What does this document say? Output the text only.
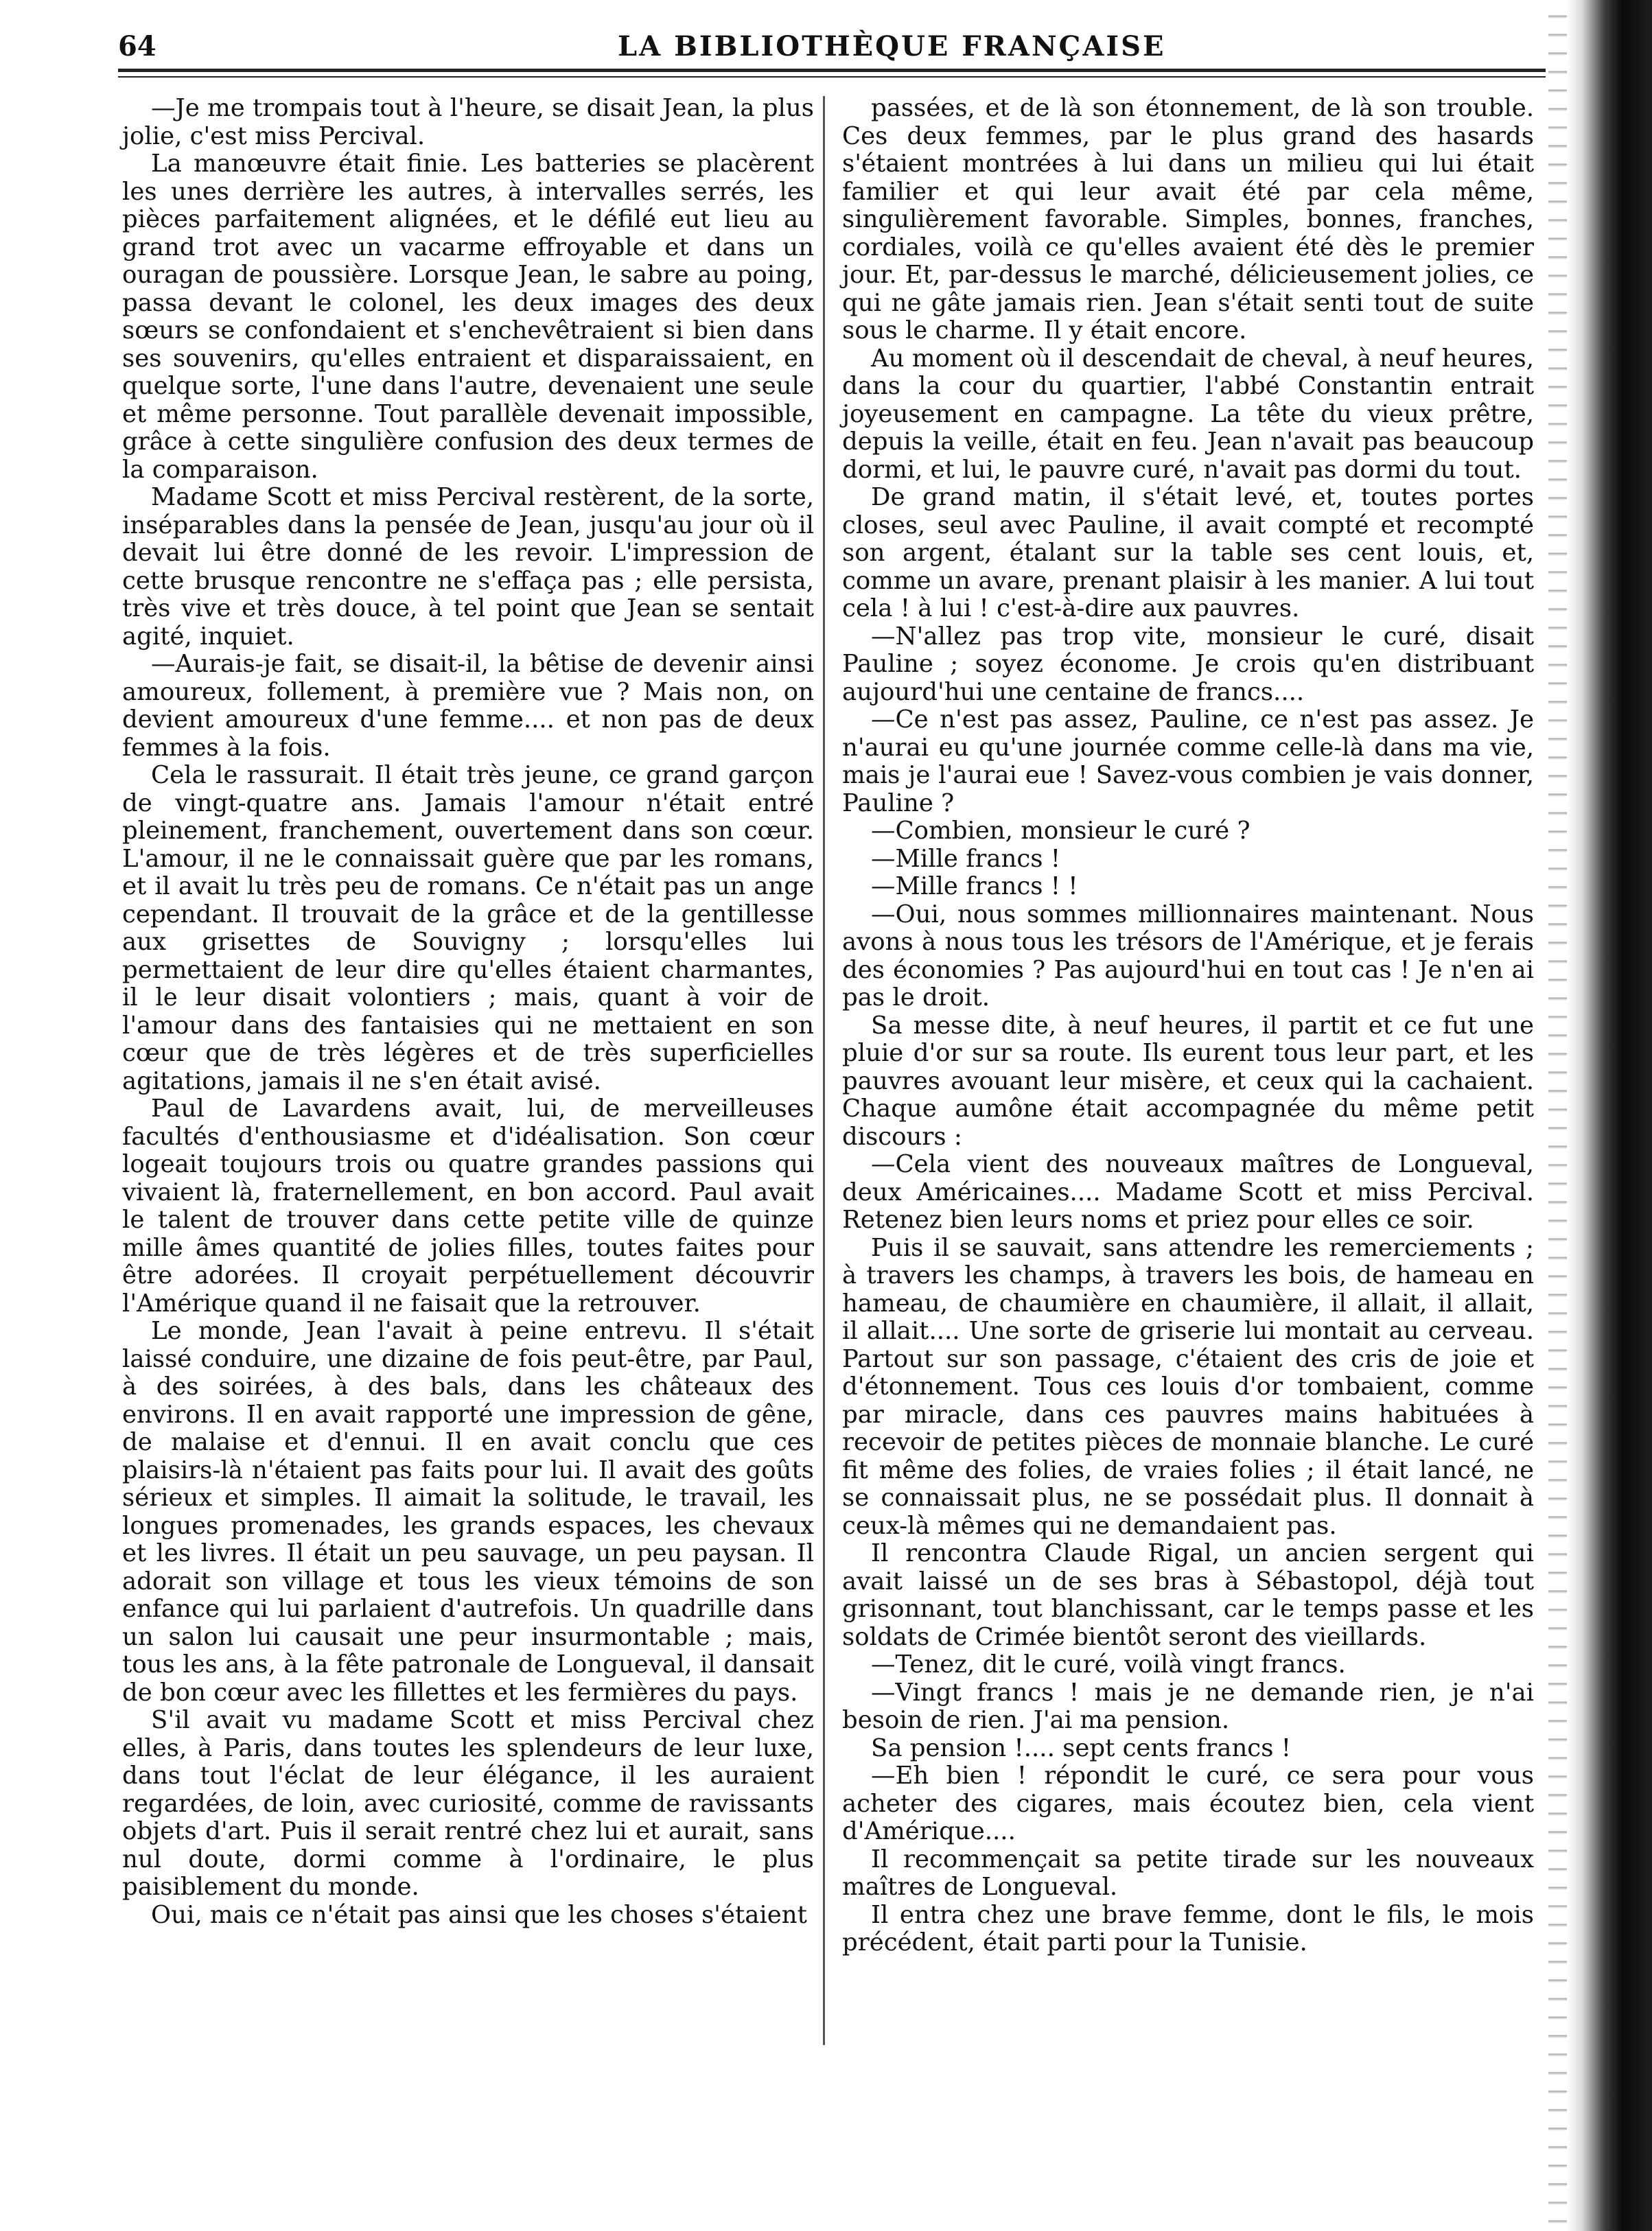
64	LA BIBLIOTHÈQUE FRANÇAISE

—Je me trompais tout à l'heure, se disait Jean, la plus jolie, c'est miss Percival.

La manœuvre était finie. Les batteries se placèrent les unes derrière les autres, à intervalles serrés, les pièces parfaitement alignées, et le défilé eut lieu au grand trot avec un vacarme effroyable et dans un ouragan de poussière. Lorsque Jean, le sabre au poing, passa devant le colonel, les deux images des deux sœurs se confondaient et s'enchevêtraient si bien dans ses souvenirs, qu'elles entraient et disparaissaient, en quelque sorte, l'une dans l'autre, devenaient une seule et même personne. Tout parallèle devenait impossible, grâce à cette singulière confusion des deux termes de la comparaison.

Madame Scott et miss Percival restèrent, de la sorte, inséparables dans la pensée de Jean, jusqu'au jour où il devait lui être donné de les revoir. L'impression de cette brusque rencontre ne s'effaça pas ; elle persista, très vive et très douce, à tel point que Jean se sentait agité, inquiet.

—Aurais-je fait, se disait-il, la bêtise de devenir ainsi amoureux, follement, à première vue ? Mais non, on devient amoureux d'une femme.... et non pas de deux femmes à la fois.

Cela le rassurait. Il était très jeune, ce grand garçon de vingt-quatre ans. Jamais l'amour n'était entré pleinement, franchement, ouvertement dans son cœur. L'amour, il ne le connaissait guère que par les romans, et il avait lu très peu de romans. Ce n'était pas un ange cependant. Il trouvait de la grâce et de la gentillesse aux grisettes de Souvigny ; lorsqu'elles lui permettaient de leur dire qu'elles étaient charmantes, il le leur disait volontiers ; mais, quant à voir de l'amour dans des fantaisies qui ne mettaient en son cœur que de très légères et de très superficielles agitations, jamais il ne s'en était avisé.

Paul de Lavardens avait, lui, de merveilleuses facultés d'enthousiasme et d'idéalisation. Son cœur logeait toujours trois ou quatre grandes passions qui vivaient là, fraternellement, en bon accord. Paul avait le talent de trouver dans cette petite ville de quinze mille âmes quantité de jolies filles, toutes faites pour être adorées. Il croyait perpétuellement découvrir l'Amérique quand il ne faisait que la retrouver.

Le monde, Jean l'avait à peine entrevu. Il s'était laissé conduire, une dizaine de fois peut-être, par Paul, à des soirées, à des bals, dans les châteaux des environs. Il en avait rapporté une impression de gêne, de malaise et d'ennui. Il en avait conclu que ces plaisirs-là n'étaient pas faits pour lui. Il avait des goûts sérieux et simples. Il aimait la solitude, le travail, les longues promenades, les grands espaces, les chevaux et les livres. Il était un peu sauvage, un peu paysan. Il adorait son village et tous les vieux témoins de son enfance qui lui parlaient d'autrefois. Un quadrille dans un salon lui causait une peur insurmontable ; mais, tous les ans, à la fête patronale de Longueval, il dansait de bon cœur avec les fillettes et les fermières du pays.

S'il avait vu madame Scott et miss Percival chez elles, à Paris, dans toutes les splendeurs de leur luxe, dans tout l'éclat de leur élégance, il les auraient regardées, de loin, avec curiosité, comme de ravissants objets d'art. Puis il serait rentré chez lui et aurait, sans nul doute, dormi comme à l'ordinaire, le plus paisiblement du monde.

Oui, mais ce n'était pas ainsi que les choses s'étaient

passées, et de là son étonnement, de là son trouble. Ces deux femmes, par le plus grand des hasards s'étaient montrées à lui dans un milieu qui lui était familier et qui leur avait été par cela même, singulièrement favorable. Simples, bonnes, franches, cordiales, voilà ce qu'elles avaient été dès le premier jour. Et, par-dessus le marché, délicieusement jolies, ce qui ne gâte jamais rien. Jean s'était senti tout de suite sous le charme. Il y était encore.

Au moment où il descendait de cheval, à neuf heures, dans la cour du quartier, l'abbé Constantin entrait joyeusement en campagne. La tête du vieux prêtre, depuis la veille, était en feu. Jean n'avait pas beaucoup dormi, et lui, le pauvre curé, n'avait pas dormi du tout.

De grand matin, il s'était levé, et, toutes portes closes, seul avec Pauline, il avait compté et recompté son argent, étalant sur la table ses cent louis, et, comme un avare, prenant plaisir à les manier. A lui tout cela ! à lui ! c'est-à-dire aux pauvres.

—N'allez pas trop vite, monsieur le curé, disait Pauline ; soyez économe. Je crois qu'en distribuant aujourd'hui une centaine de francs....

—Ce n'est pas assez, Pauline, ce n'est pas assez. Je n'aurai eu qu'une journée comme celle-là dans ma vie, mais je l'aurai eue ! Savez-vous combien je vais donner, Pauline ?

—Combien, monsieur le curé ?

—Mille francs !

—Mille francs ! !

—Oui, nous sommes millionnaires maintenant. Nous avons à nous tous les trésors de l'Amérique, et je ferais des économies ? Pas aujourd'hui en tout cas ! Je n'en ai pas le droit.

Sa messe dite, à neuf heures, il partit et ce fut une pluie d'or sur sa route. Ils eurent tous leur part, et les pauvres avouant leur misère, et ceux qui la cachaient. Chaque aumône était accompagnée du même petit discours :

—Cela vient des nouveaux maîtres de Longueval, deux Américaines.... Madame Scott et miss Percival. Retenez bien leurs noms et priez pour elles ce soir.

Puis il se sauvait, sans attendre les remerciements ; à travers les champs, à travers les bois, de hameau en hameau, de chaumière en chaumière, il allait, il allait, il allait.... Une sorte de griserie lui montait au cerveau. Partout sur son passage, c'étaient des cris de joie et d'étonnement. Tous ces louis d'or tombaient, comme par miracle, dans ces pauvres mains habituées à recevoir de petites pièces de monnaie blanche. Le curé fit même des folies, de vraies folies ; il était lancé, ne se connaissait plus, ne se possédait plus. Il donnait à ceux-là mêmes qui ne demandaient pas.

Il rencontra Claude Rigal, un ancien sergent qui avait laissé un de ses bras à Sébastopol, déjà tout grisonnant, tout blanchissant, car le temps passe et les soldats de Crimée bientôt seront des vieillards.

—Tenez, dit le curé, voilà vingt francs.

—Vingt francs ! mais je ne demande rien, je n'ai besoin de rien. J'ai ma pension.

Sa pension !.... sept cents francs !

—Eh bien ! répondit le curé, ce sera pour vous acheter des cigares, mais écoutez bien, cela vient d'Amérique....

Il recommençait sa petite tirade sur les nouveaux maîtres de Longueval.

Il entra chez une brave femme, dont le fils, le mois précédent, était parti pour la Tunisie.
